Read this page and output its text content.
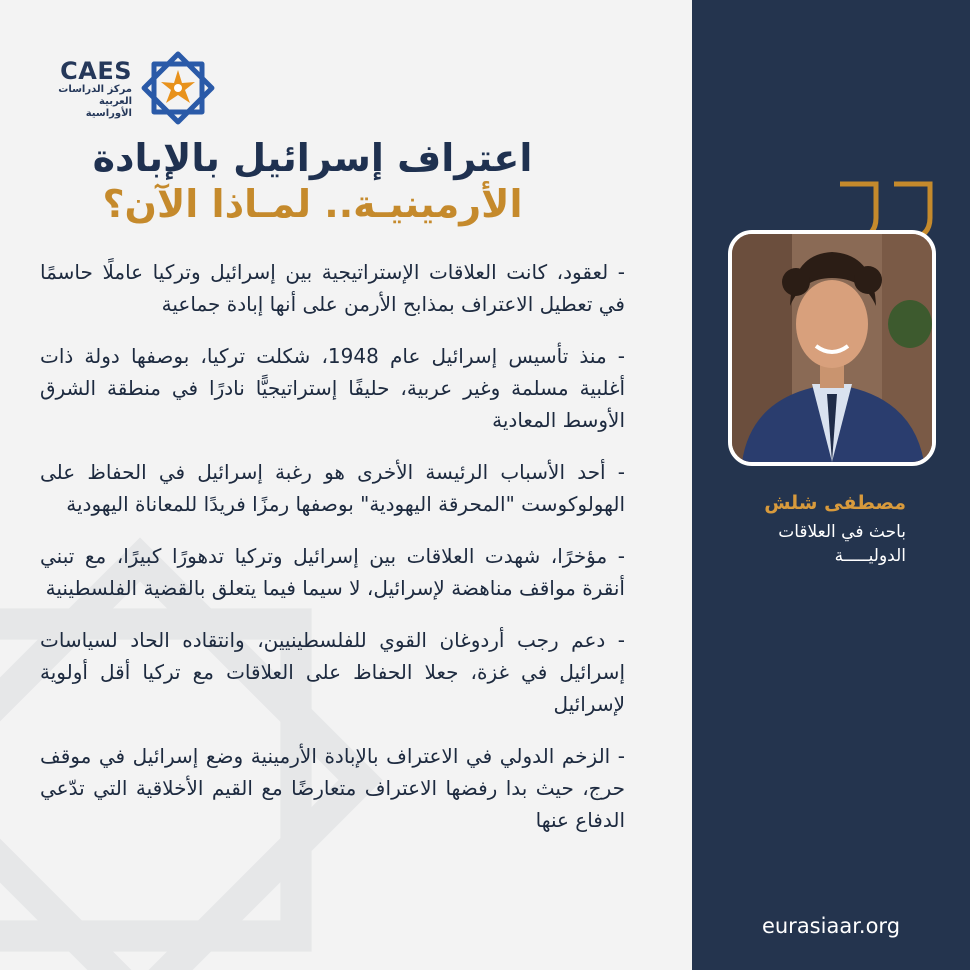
CAES
مركز الدراسات
العربية الأوراسية
اعتراف إسرائيل بالإبادة
الأرمينيـة.. لمـاذا الآن؟

- لعقود، كانت العلاقات الإستراتيجية بين إسرائيل وتركيا عاملًا حاسمًا في تعطيل الاعتراف بمذابح الأرمن على أنها إبادة جماعية

- منذ تأسيس إسرائيل عام 1948، شكلت تركيا، بوصفها دولة ذات أغلبية مسلمة وغير عربية، حليفًا إستراتيجيًّا نادرًا في منطقة الشرق الأوسط المعادية

- أحد الأسباب الرئيسة الأخرى هو رغبة إسرائيل في الحفاظ على الهولوكوست "المحرقة اليهودية" بوصفها رمزًا فريدًا للمعاناة اليهودية

- مؤخرًا، شهدت العلاقات بين إسرائيل وتركيا تدهورًا كبيرًا، مع تبني أنقرة مواقف مناهضة لإسرائيل، لا سيما فيما يتعلق بالقضية الفلسطينية

- دعم رجب أردوغان القوي للفلسطينيين، وانتقاده الحاد لسياسات إسرائيل في غزة، جعلا الحفاظ على العلاقات مع تركيا أقل أولوية لإسرائيل

- الزخم الدولي في الاعتراف بالإبادة الأرمينية وضع إسرائيل في موقف حرج، حيث بدا رفضها الاعتراف متعارضًا مع القيم الأخلاقية التي تدّعي الدفاع عنها

مصطفى شلش
باحث في العلاقات
الدوليـــــة
eurasiaar.org
